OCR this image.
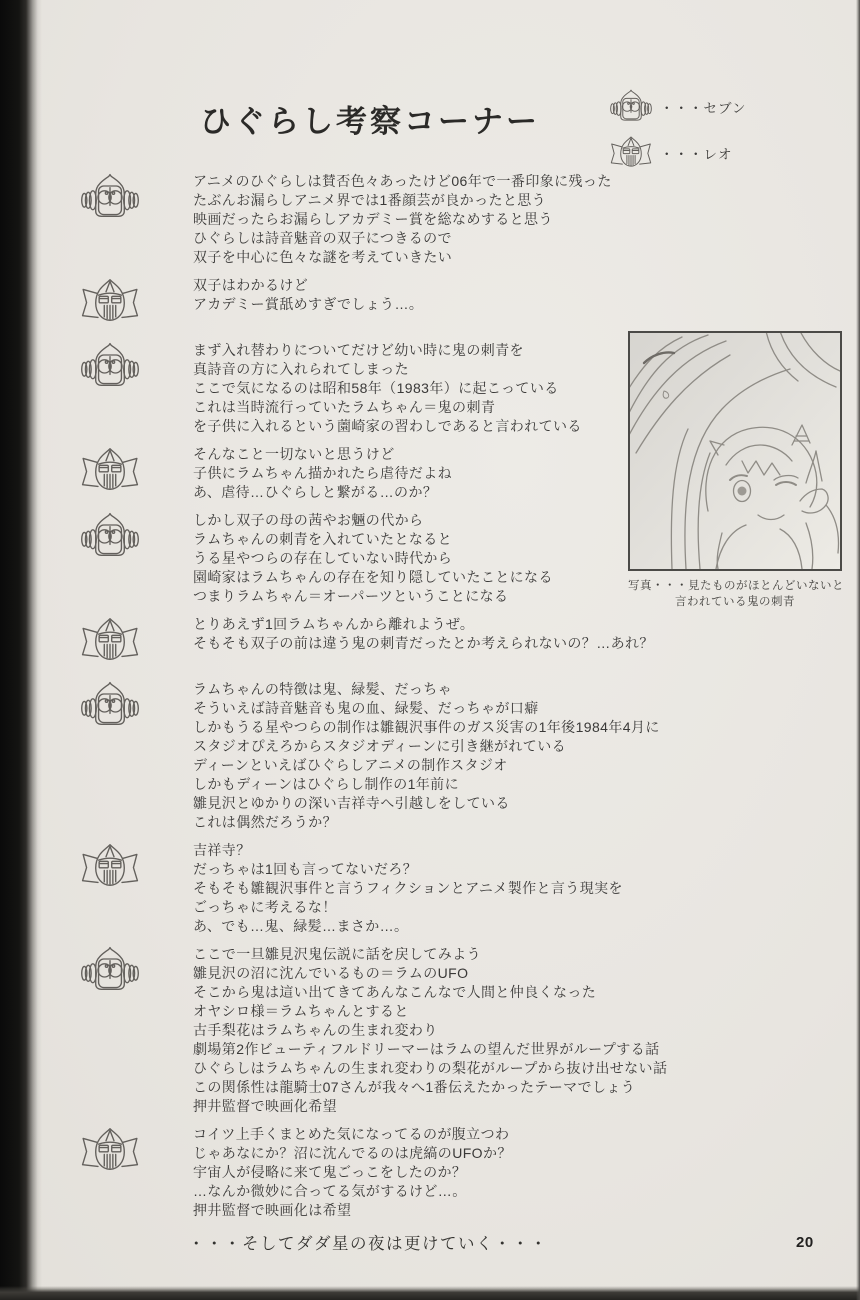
ひぐらし考察コーナー	・・・セブン
・・・レオ
アニメのひぐらしは賛否色々あったけど06年で一番印象に残った
たぶんお漏らしアニメ界では1番顔芸が良かったと思う
映画だったらお漏らしアカデミー賞を総なめすると思う
ひぐらしは詩音魅音の双子につきるので
双子を中心に色々な謎を考えていきたい
双子はわかるけど
アカデミー賞舐めすぎでしょう…。
まず入れ替わりについてだけど幼い時に鬼の刺青を
真詩音の方に入れられてしまった
ここで気になるのは昭和58年（1983年）に起こっている
これは当時流行っていたラムちゃん＝鬼の刺青
を子供に入れるという薗崎家の習わしであると言われている
そんなこと一切ないと思うけど
子供にラムちゃん描かれたら虐待だよね
あ、虐待…ひぐらしと繋がる…のか？
しかし双子の母の茜やお魎の代から
ラムちゃんの刺青を入れていたとなると
うる星やつらの存在していない時代から
園崎家はラムちゃんの存在を知り隠していたことになる
つまりラムちゃん＝オーパーツということになる
とりあえず1回ラムちゃんから離れようぜ。
そもそも双子の前は違う鬼の刺青だったとか考えられないの？…あれ？
ラムちゃんの特徴は鬼、緑髪、だっちゃ
そういえば詩音魅音も鬼の血、緑髪、だっちゃが口癖
しかもうる星やつらの制作は雛観沢事件のガス災害の1年後1984年4月に
スタジオぴえろからスタジオディーンに引き継がれている
ディーンといえばひぐらしアニメの制作スタジオ
しかもディーンはひぐらし制作の1年前に
雛見沢とゆかりの深い吉祥寺へ引越しをしている
これは偶然だろうか？
吉祥寺？
だっちゃは1回も言ってないだろ？
そもそも雛観沢事件と言うフィクションとアニメ製作と言う現実を
ごっちゃに考えるな！
あ、でも…鬼、緑髪…まさか…。
ここで一旦雛見沢鬼伝説に話を戻してみよう
雛見沢の沼に沈んでいるもの＝ラムのUFO
そこから鬼は這い出てきてあんなこんなで人間と仲良くなった
オヤシロ様＝ラムちゃんとすると
古手梨花はラムちゃんの生まれ変わり
劇場第2作ビューティフルドリーマーはラムの望んだ世界がループする話
ひぐらしはラムちゃんの生まれ変わりの梨花がループから抜け出せない話
この関係性は龍騎士07さんが我々へ1番伝えたかったテーマでしょう
押井監督で映画化希望
コイツ上手くまとめた気になってるのが腹立つわ
じゃあなにか？沼に沈んでるのは虎縞のUFOか？
宇宙人が侵略に来て鬼ごっこをしたのか？
…なんか微妙に合ってる気がするけど…。
押井監督で映画化は希望
・・・そしてダダ星の夜は更けていく・・・
写真・・・見たものがほとんどいないと
言われている鬼の刺青
20
